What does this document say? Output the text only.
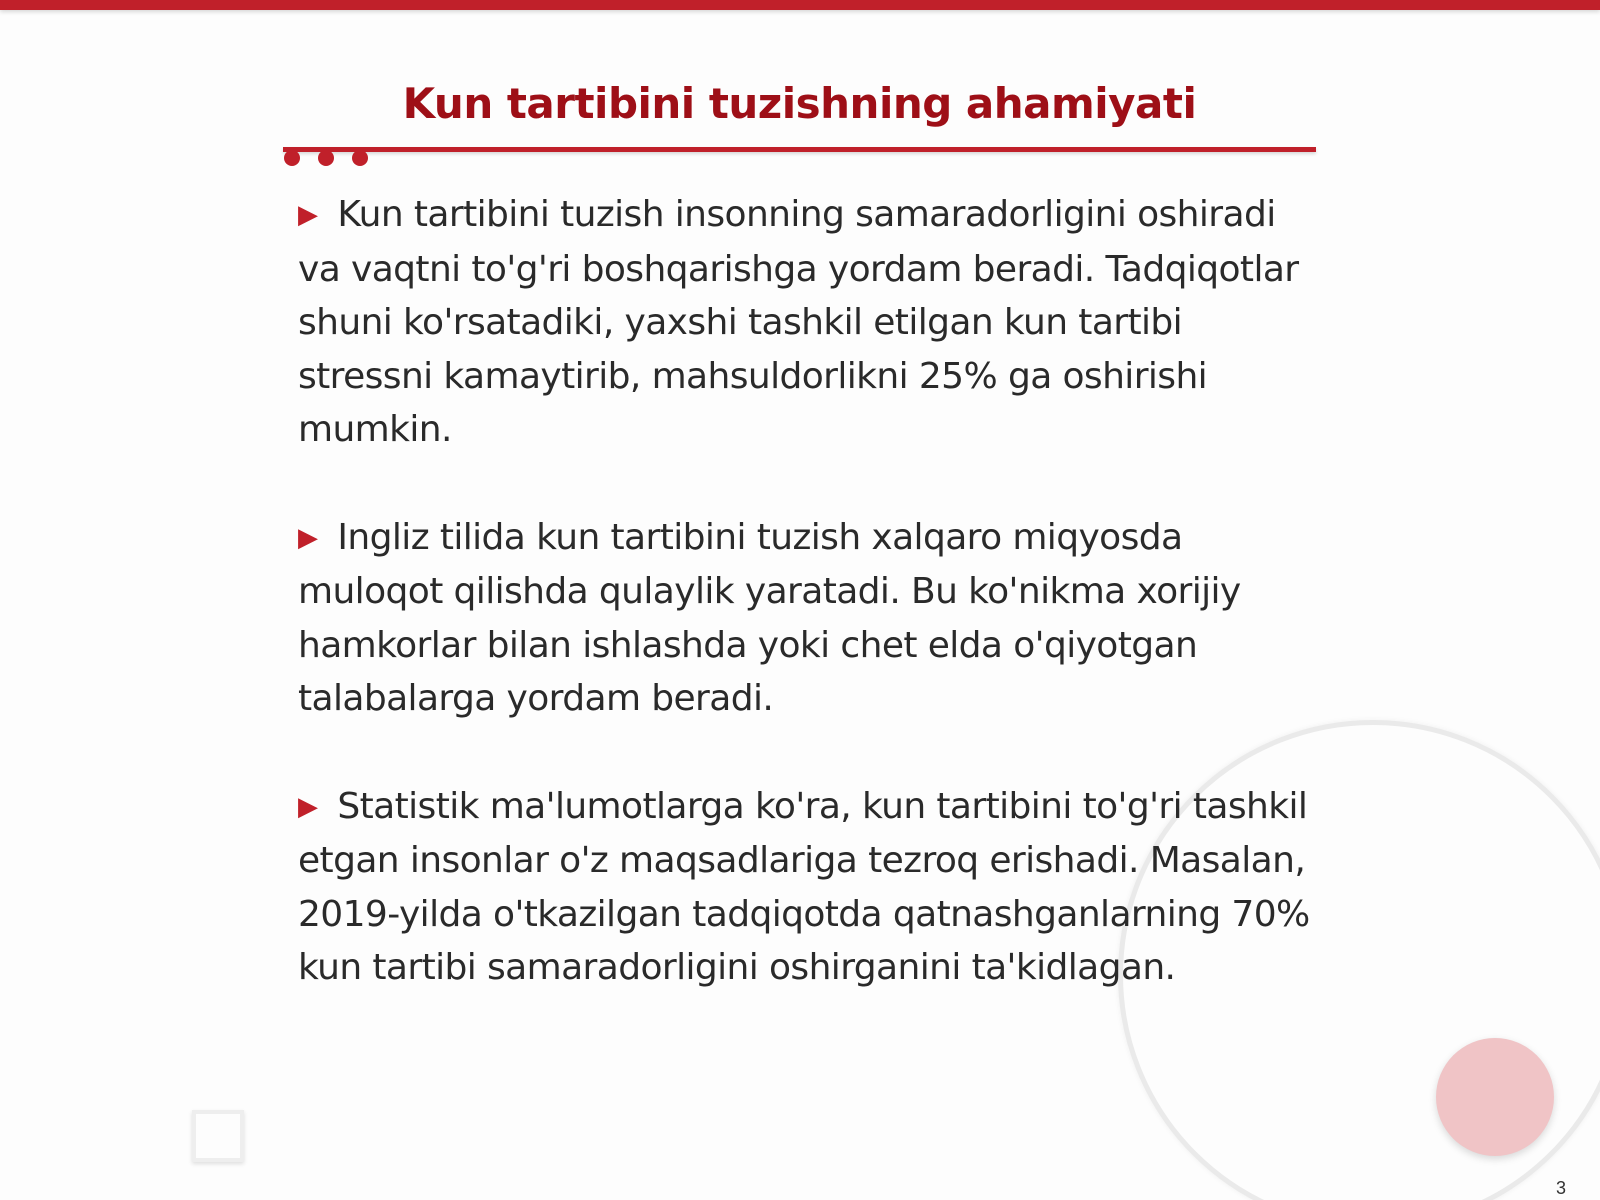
Kun tartibini tuzishning ahamiyati

▶ Kun tartibini tuzish insonning samaradorligini oshiradi va vaqtni to'g'ri boshqarishga yordam beradi. Tadqiqotlar shuni ko'rsatadiki, yaxshi tashkil etilgan kun tartibi stressni kamaytirib, mahsuldorlikni 25% ga oshirishi mumkin.

▶ Ingliz tilida kun tartibini tuzish xalqaro miqyosda muloqot qilishda qulaylik yaratadi. Bu ko'nikma xorijiy hamkorlar bilan ishlashda yoki chet elda o'qiyotgan talabalarga yordam beradi.

▶ Statistik ma'lumotlarga ko'ra, kun tartibini to'g'ri tashkil etgan insonlar o'z maqsadlariga tezroq erishadi. Masalan, 2019-yilda o'tkazilgan tadqiqotda qatnashganlarning 70% kun tartibi samaradorligini oshirganini ta'kidlagan.

3
